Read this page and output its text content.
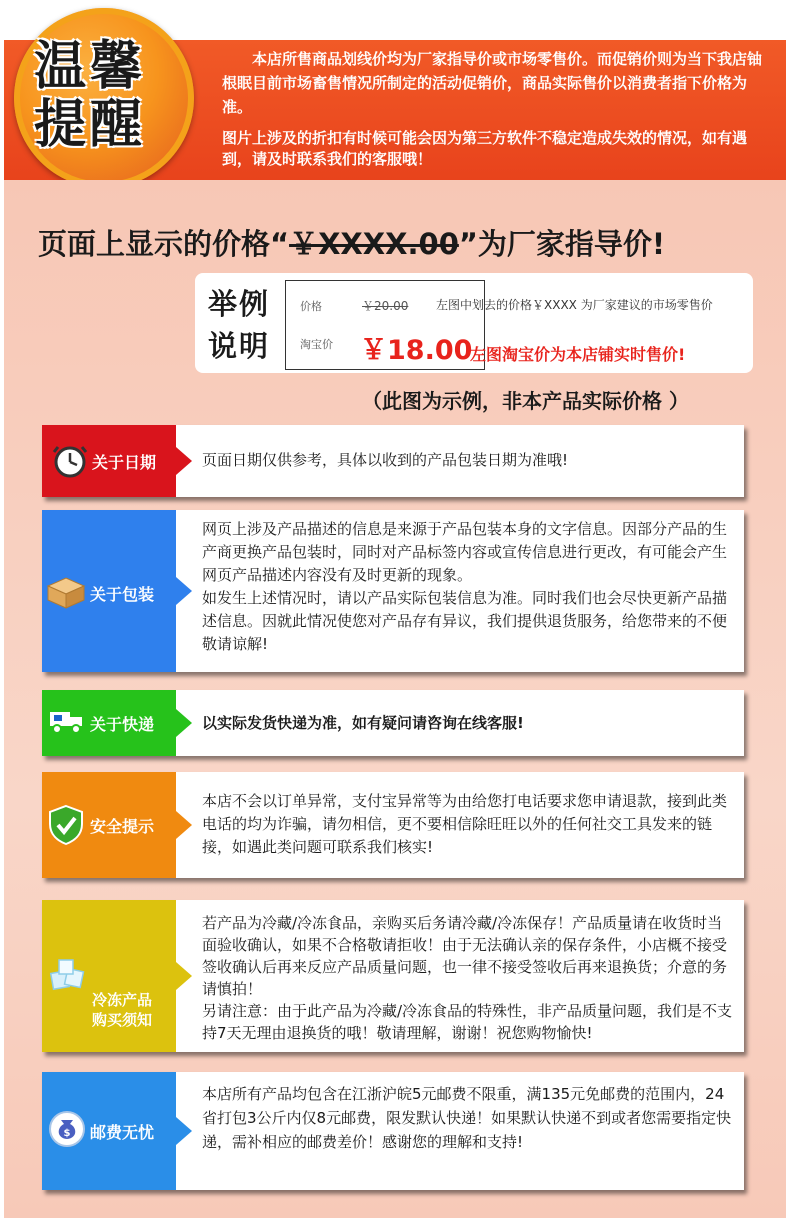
温馨
提醒
本店所售商品划线价均为厂家指导价或市场零售价。而促销价则为当下我店铀根眠目前市场畜售情况所制定的活动促销价，商品实际售价以消费者指下价格为准。
图片上涉及的折扣有时候可能会因为第三方软件不稳定造成失效的情况，如有遇到，请及时联系我们的客服哦！
页面上显示的价格“￥XXXX.00”为厂家指导价!
举例
说明
价格	￥20.00 左图中划去的价格￥XXXX 为厂家建议的市场零售价
淘宝价 ￥18.00
左图淘宝价为本店铺实时售价!
（此图为示例，非本产品实际价格 ）
关于日期	页面日期仅供参考，具体以收到的产品包装日期为准哦!
关于包装
网页上涉及产品描述的信息是来源于产品包装本身的文字信息。因部分产品的生产商更换产品包装时，同时对产品标签内容或宣传信息进行更改，有可能会产生网页产品描述内容没有及时更新的现象。
如发生上述情况时，请以产品实际包装信息为准。同时我们也会尽快更新产品描述信息。因就此情况使您对产品存有异议，我们提供退货服务，给您带来的不便敬请谅解!
关于快递	以实际发货快递为准，如有疑问请咨询在线客服!
安全提示
本店不会以订单异常，支付宝异常等为由给您打电话要求您申请退款，接到此类电话的均为诈骗，请勿相信，更不要相信除旺旺以外的任何社交工具发来的链接，如遇此类问题可联系我们核实!
冷冻产品
购买须知
若产品为冷藏/冷冻食品，亲购买后务请冷藏/冷冻保存！产品质量请在收货时当面验收确认，如果不合格敬请拒收！由于无法确认亲的保存条件，小店概不接受签收确认后再来反应产品质量问题，也一律不接受签收后再来退换货；介意的务请慎拍！
另请注意：由于此产品为冷藏/冷冻食品的特殊性，非产品质量问题，我们是不支持7天无理由退换货的哦！敬请理解，谢谢！祝您购物愉快!
$ 邮费无忧
本店所有产品均包含在江浙沪皖5元邮费不限重，满135元免邮费的范围内，24省打包3公斤内仅8元邮费，限发默认快递！如果默认快递不到或者您需要指定快递，需补相应的邮费差价！感谢您的理解和支持!
